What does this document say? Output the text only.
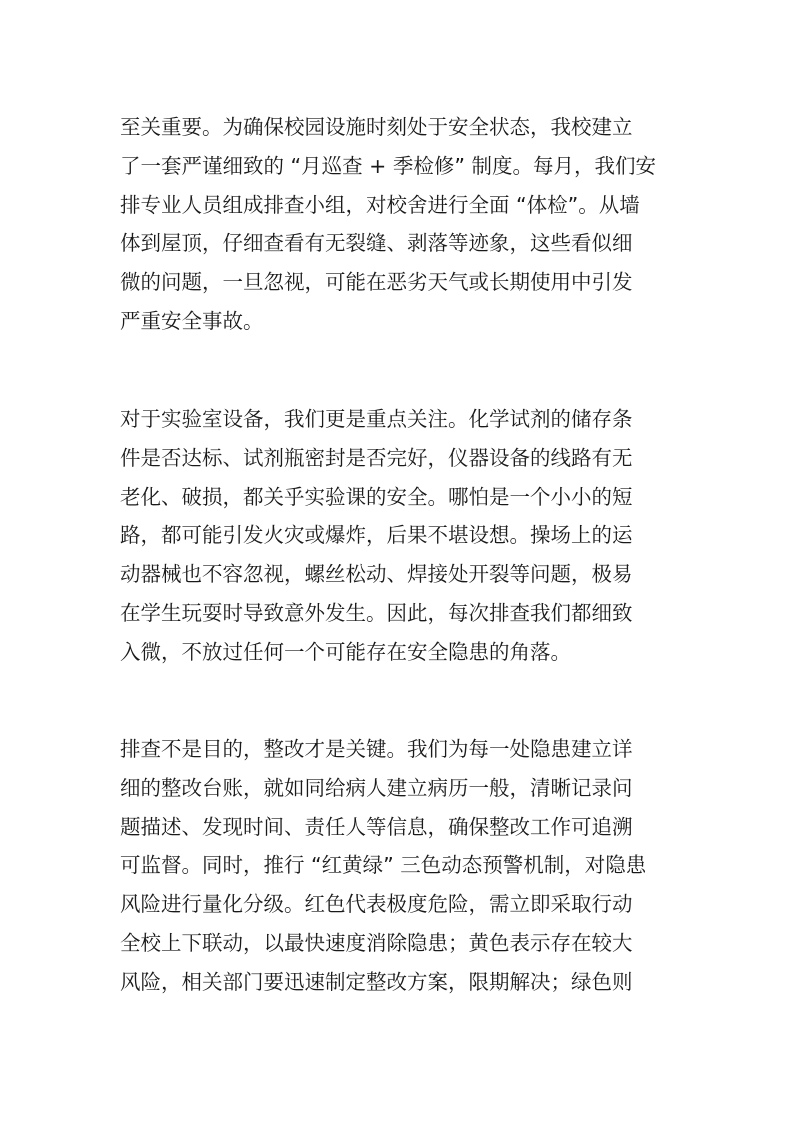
至关重要。为确保校园设施时刻处于安全状态，我校建立
了一套严谨细致的 “月巡查 + 季检修” 制度。每月，我们安
排专业人员组成排查小组，对校舍进行全面 “体检”。从墙
体到屋顶，仔细查看有无裂缝、剥落等迹象，这些看似细
微的问题，一旦忽视，可能在恶劣天气或长期使用中引发
严重安全事故。
对于实验室设备，我们更是重点关注。化学试剂的储存条
件是否达标、试剂瓶密封是否完好，仪器设备的线路有无
老化、破损，都关乎实验课的安全。哪怕是一个小小的短
路，都可能引发火灾或爆炸，后果不堪设想。操场上的运
动器械也不容忽视，螺丝松动、焊接处开裂等问题，极易
在学生玩耍时导致意外发生。因此，每次排查我们都细致
入微，不放过任何一个可能存在安全隐患的角落。
排查不是目的，整改才是关键。我们为每一处隐患建立详
细的整改台账，就如同给病人建立病历一般，清晰记录问
题描述、发现时间、责任人等信息，确保整改工作可追溯
可监督。同时，推行 “红黄绿” 三色动态预警机制，对隐患
风险进行量化分级。红色代表极度危险，需立即采取行动
全校上下联动，以最快速度消除隐患；黄色表示存在较大
风险，相关部门要迅速制定整改方案，限期解决；绿色则
